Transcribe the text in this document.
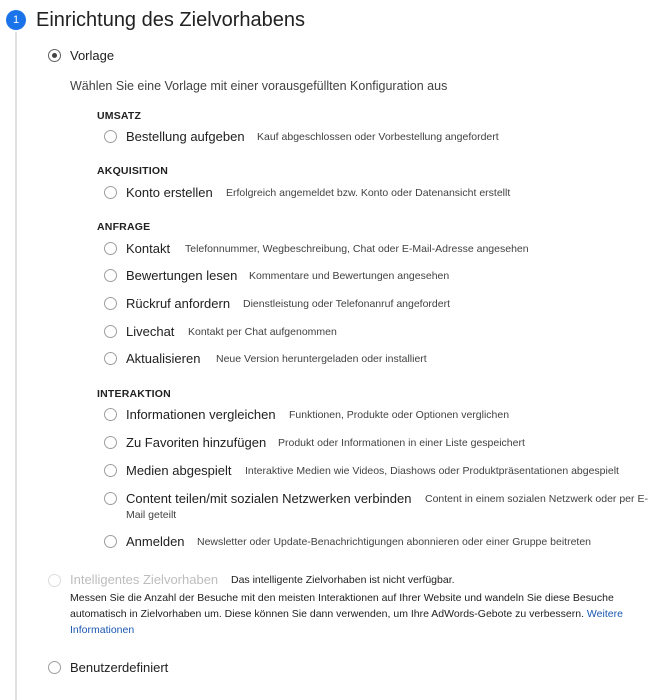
1 Einrichtung des Zielvorhabens
Vorlage
Wählen Sie eine Vorlage mit einer vorausgefüllten Konfiguration aus
UMSATZ
Bestellung aufgeben Kauf abgeschlossen oder Vorbestellung angefordert
AKQUISITION
Konto erstellen Erfolgreich angemeldet bzw. Konto oder Datenansicht erstellt
ANFRAGE
Kontakt Telefonnummer, Wegbeschreibung, Chat oder E-Mail-Adresse angesehen
Bewertungen lesen Kommentare und Bewertungen angesehen
Rückruf anfordern Dienstleistung oder Telefonanruf angefordert
Livechat Kontakt per Chat aufgenommen
Aktualisieren Neue Version heruntergeladen oder installiert
INTERAKTION
Informationen vergleichen Funktionen, Produkte oder Optionen verglichen
Zu Favoriten hinzufügen Produkt oder Informationen in einer Liste gespeichert
Medien abgespielt Interaktive Medien wie Videos, Diashows oder Produktpräsentationen abgespielt
Content teilen/mit sozialen Netzwerken verbinden Content in einem sozialen Netzwerk oder per E-
Mail geteilt
Anmelden Newsletter oder Update-Benachrichtigungen abonnieren oder einer Gruppe beitreten
Intelligentes Zielvorhaben Das intelligente Zielvorhaben ist nicht verfügbar.
Messen Sie die Anzahl der Besuche mit den meisten Interaktionen auf Ihrer Website und wandeln Sie diese Besuche
automatisch in Zielvorhaben um. Diese können Sie dann verwenden, um Ihre AdWords-Gebote zu verbessern. Weitere
Informationen
Benutzerdefiniert
